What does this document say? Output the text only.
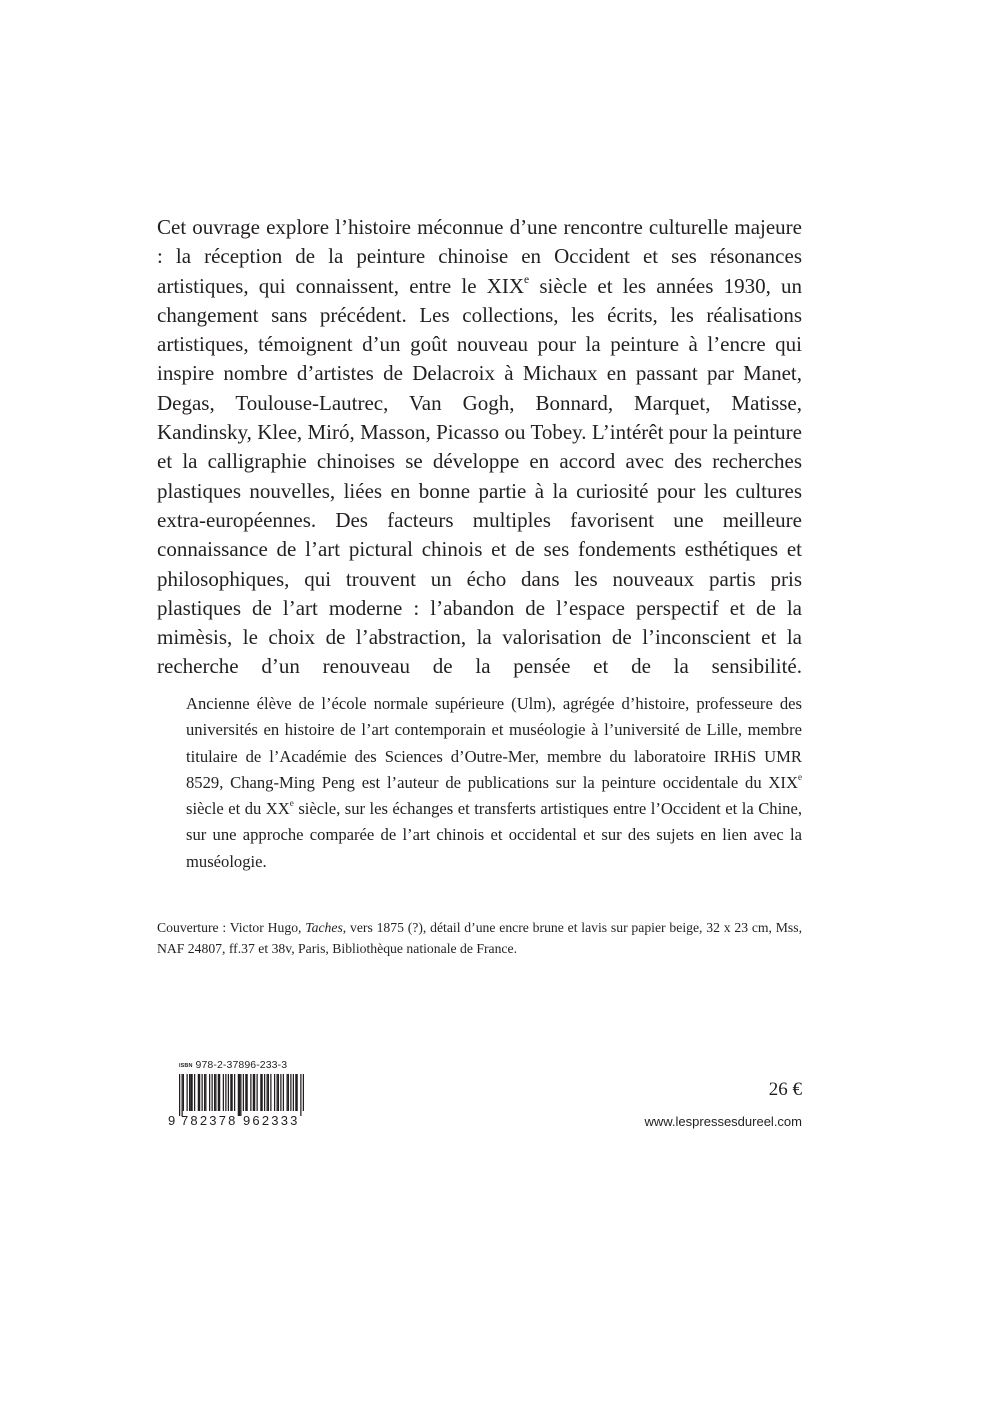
Cet ouvrage explore l’histoire méconnue d’une rencontre culturelle majeure : la réception de la peinture chinoise en Occident et ses résonances artistiques, qui connaissent, entre le XIXe siècle et les années 1930, un changement sans précédent. Les collections, les écrits, les réalisations artistiques, témoignent d’un goût nouveau pour la peinture à l’encre qui inspire nombre d’artistes de Delacroix à Michaux en passant par Manet, Degas, Toulouse-Lautrec, Van Gogh, Bonnard, Marquet, Matisse, Kandinsky, Klee, Miró, Masson, Picasso ou Tobey. L’intérêt pour la peinture et la calligraphie chinoises se développe en accord avec des recherches plastiques nouvelles, liées en bonne partie à la curiosité pour les cultures extra-européennes. Des facteurs multiples favorisent une meilleure connaissance de l’art pictural chinois et de ses fondements esthétiques et philosophiques, qui trouvent un écho dans les nouveaux partis pris plastiques de l’art moderne : l’abandon de l’espace perspectif et de la mimèsis, le choix de l’abstraction, la valorisation de l’inconscient et la recherche d’un renouveau de la pensée et de la sensibilité.

Ancienne élève de l’école normale supérieure (Ulm), agrégée d’histoire, professeure des universités en histoire de l’art contemporain et muséologie à l’université de Lille, membre titulaire de l’Académie des Sciences d’Outre-Mer, membre du laboratoire IRHiS UMR 8529, Chang-Ming Peng est l’auteur de publications sur la peinture occidentale du XIXe siècle et du XXe siècle, sur les échanges et transferts artistiques entre l’Occident et la Chine, sur une approche comparée de l’art chinois et occidental et sur des sujets en lien avec la muséologie.

Couverture : Victor Hugo, Taches, vers 1875 (?), détail d’une encre brune et lavis sur papier beige, 32 x 23 cm, Mss, NAF 24807, ff.37 et 38v, Paris, Bibliothèque nationale de France.

ISBN 978-2-37896-233-3
9 782378 962333
26 €
www.lespressesdureel.com
